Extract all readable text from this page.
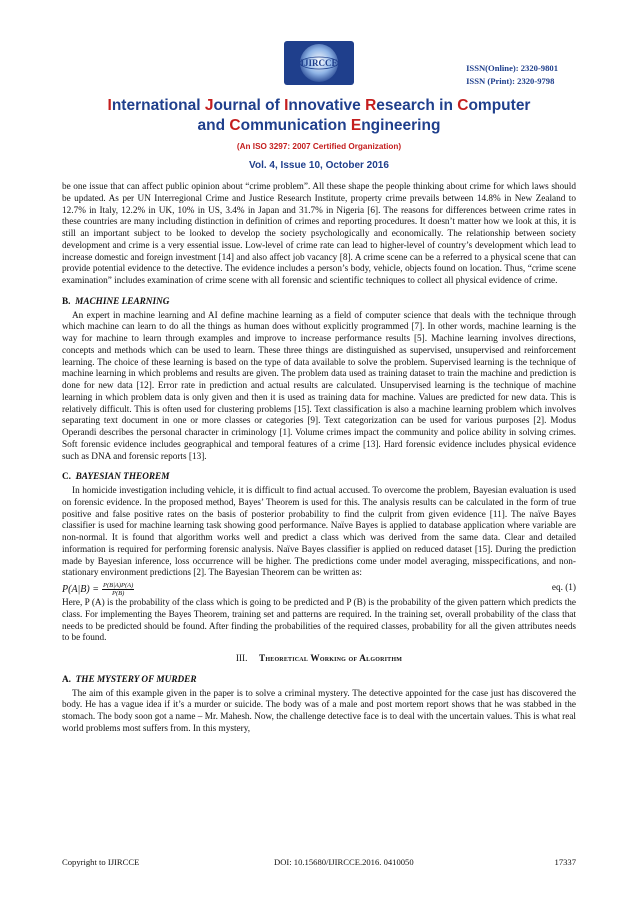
IJIRCCE	ISSN(Online): 2320-9801
ISSN (Print): 2320-9798
International Journal of Innovative Research in Computer
and Communication Engineering
(An ISO 3297: 2007 Certified Organization)
Vol. 4, Issue 10, October 2016

be one issue that can affect public opinion about “crime problem”. All these shape the people thinking about crime for which laws should be updated. As per UN Interregional Crime and Justice Research Institute, property crime prevails between 14.8% in New Zealand to 12.7% in Italy, 12.2% in UK, 10% in US, 3.4% in Japan and 31.7% in Nigeria [6]. The reasons for differences between crime rates in these countries are many including distinction in definition of crimes and reporting procedures. It doesn’t matter how we look at this, it is still an important subject to be looked to develop the society psychologically and economically. The relationship between society development and crime is a very essential issue. Low-level of crime rate can lead to higher-level of country’s development which lead to increase domestic and foreign investment [14] and also affect job vacancy [8]. A crime scene can be a referred to a physical scene that can provide potential evidence to the detective. The evidence includes a person’s body, vehicle, objects found on location. Thus, “crime scene examination” includes examination of crime scene with all forensic and scientific techniques to collect all physical evidence of crime.

B. MACHINE LEARNING

An expert in machine learning and AI define machine learning as a field of computer science that deals with the technique through which machine can learn to do all the things as human does without explicitly programmed [7]. In other words, machine learning is the way for machine to learn through examples and improve to increase performance results [5]. Machine learning involves directions, concepts and methods which can be used to learn. These three things are distinguished as supervised, unsupervised and reinforcement learning. The choice of these learning is based on the type of data available to solve the problem. Supervised learning is the technique of machine learning in which problems and results are given. The problem data used as training dataset to train the machine and prediction is done for new data [12]. Error rate in prediction and actual results are calculated. Unsupervised learning is the technique of machine learning in which problem data is only given and then it is used as training data for machine. Values are predicted for new data. This is relatively difficult. This is often used for clustering problems [15]. Text classification is also a machine learning problem which involves separating text document in one or more classes or categories [9]. Text categorization can be used for various purposes [2]. Modus Operandi describes the personal character in criminology [1]. Volume crimes impact the community and police ability in solving crimes. Soft forensic evidence includes geographical and temporal features of a crime [13]. Hard forensic evidence includes physical evidence such as DNA and forensic reports [13].

C. BAYESIAN THEOREM

In homicide investigation including vehicle, it is difficult to find actual accused. To overcome the problem, Bayesian evaluation is used on forensic evidence. In the proposed method, Bayes’ Theorem is used for this. The analysis results can be calculated in the form of true positive and false positive rates on the basis of posterior probability to find the culprit from given evidence [11]. The naïve Bayes classifier is used for machine learning task showing good performance. Naïve Bayes is applied to database application where variable are non-normal. It is found that algorithm works well and predict a class which was derived from the same data. Clear and detailed information is required for performing forensic analysis. Naïve Bayes classifier is applied on reduced dataset [15]. During the prediction made by Bayesian inference, loss occurrence will be higher. The predictions come under model averaging, misspecifications, and non-stationary environment predictions [2]. The Bayesian Theorem can be written as:

$P(A|B) = \frac{P(B|A)P(A)}{P(B)}$	eq. (1)

Here, P (A) is the probability of the class which is going to be predicted and P (B) is the probability of the given pattern which predicts the class. For implementing the Bayes Theorem, training set and patterns are required. In the training set, overall probability of the class that needs to be predicted should be found. After finding the probabilities of the required classes, probability for all the given attributes needs to be found.

III. Theoretical Working of Algorithm

A. THE MYSTERY OF MURDER

The aim of this example given in the paper is to solve a criminal mystery. The detective appointed for the case just has discovered the body. He has a vague idea if it’s a murder or suicide. The body was of a male and post mortem report shows that he was stabbed in the stomach. The body soon got a name – Mr. Mahesh. Now, the challenge detective face is to deal with the uncertain values. This is what real world problems most suffers from. In this mystery,

Copyright to IJIRCCE	DOI: 10.15680/IJIRCCE.2016. 0410050	17337
